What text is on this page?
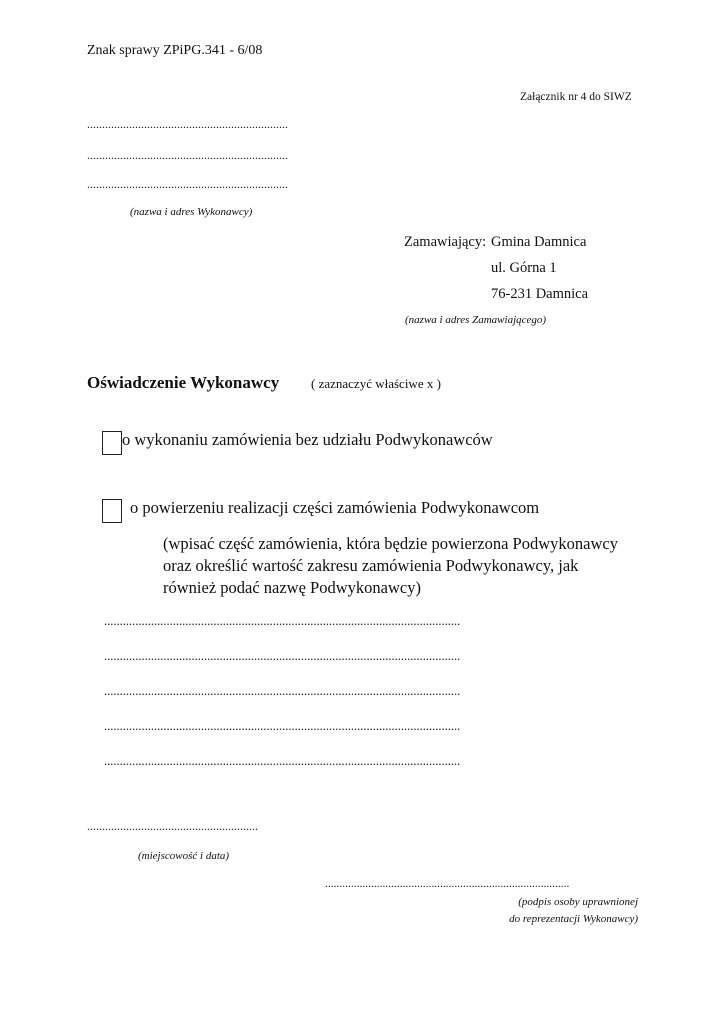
Znak sprawy ZPiPG.341 - 6/08
Załącznik nr 4 do SIWZ
...................................................................
...................................................................
...................................................................
(nazwa i adres Wykonawcy)
Zamawiający: Gmina Damnica
ul. Górna 1
76-231 Damnica
(nazwa i adres Zamawiającego)
Oświadczenie Wykonawcy ( zaznaczyć właściwe x )
o wykonaniu zamówienia bez udziału Podwykonawców
o powierzeniu realizacji części zamówienia Podwykonawcom
(wpisać część zamówienia, która będzie powierzona Podwykonawcy
oraz określić wartość zakresu zamówienia Podwykonawcy, jak
również podać nazwę Podwykonawcy)
..................................................................................................................
..................................................................................................................
..................................................................................................................
..................................................................................................................
..................................................................................................................
.........................................................
(miejscowość i data)
.....................................................................................
(podpis osoby uprawnionej
do reprezentacji Wykonawcy)
